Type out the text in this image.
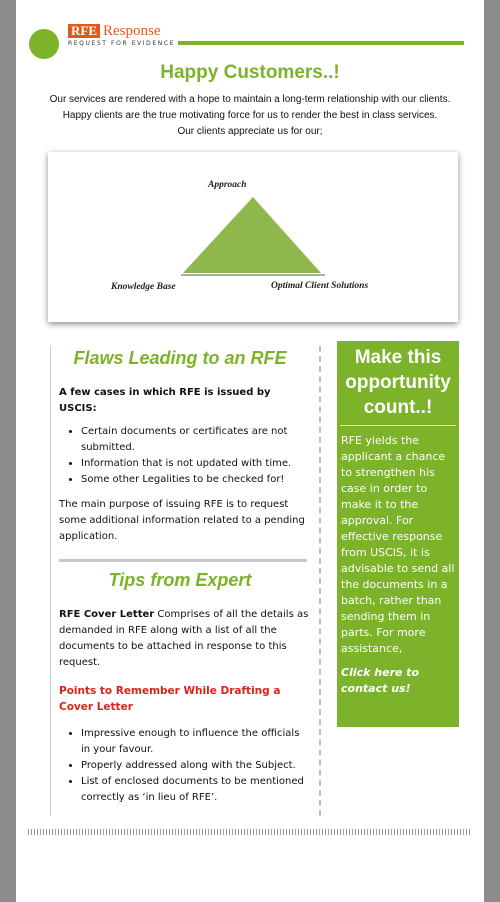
RFE Response
REQUEST FOR EVIDENCE
Happy Customers..!

Our services are rendered with a hope to maintain a long-term relationship with our clients.

Happy clients are the true motivating force for us to render the best in class services.

Our clients appreciate us for our;

Approach
Knowledge Base	Optimal Client Solutions
Flaws Leading to an RFE
A few cases in which RFE is issued by USCIS:
• Certain documents or certificates are not submitted.
• Information that is not updated with time.
• Some other Legalities to be checked for!
The main purpose of issuing RFE is to request some additional information related to a pending application.
Tips from Expert
RFE Cover Letter Comprises of all the details as demanded in RFE along with a list of all the documents to be attached in response to this request.
Points to Remember While Drafting a Cover Letter
• Impressive enough to influence the officials in your favour.
• Properly addressed along with the Subject.
• List of enclosed documents to be mentioned correctly as ‘in lieu of RFE’.
Make this opportunity count..!
RFE yields the applicant a chance to strengthen his case in order to make it to the approval. For effective response from USCIS, it is advisable to send all the documents in a batch, rather than sending them in parts. For more assistance,
Click here to contact us!
